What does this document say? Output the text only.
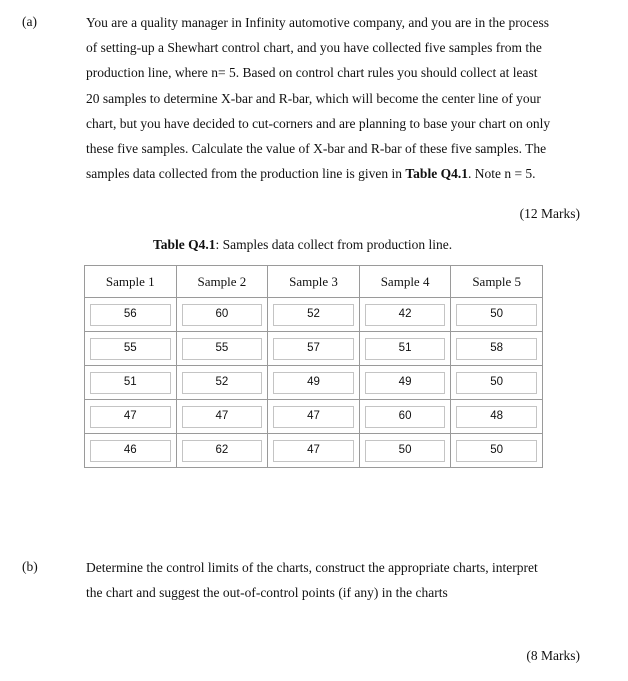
(a)	You are a quality manager in Infinity automotive company, and you are in the process
of setting-up a Shewhart control chart, and you have collected five samples from the
production line, where n= 5. Based on control chart rules you should collect at least
20 samples to determine X-bar and R-bar, which will become the center line of your
chart, but you have decided to cut-corners and are planning to base your chart on only
these five samples. Calculate the value of X-bar and R-bar of these five samples. The
samples data collected from the production line is given in Table Q4.1. Note n = 5.
(12 Marks)
Table Q4.1: Samples data collect from production line.
Sample 1	Sample 2	Sample 3	Sample 4	Sample 5

56	60	52	42	50

55	55	57	51	58

51	52	49	49	50

47	47	47	60	48

46	62	47	50	50
(b)	Determine the control limits of the charts, construct the appropriate charts, interpret
the chart and suggest the out-of-control points (if any) in the charts
(8 Marks)
